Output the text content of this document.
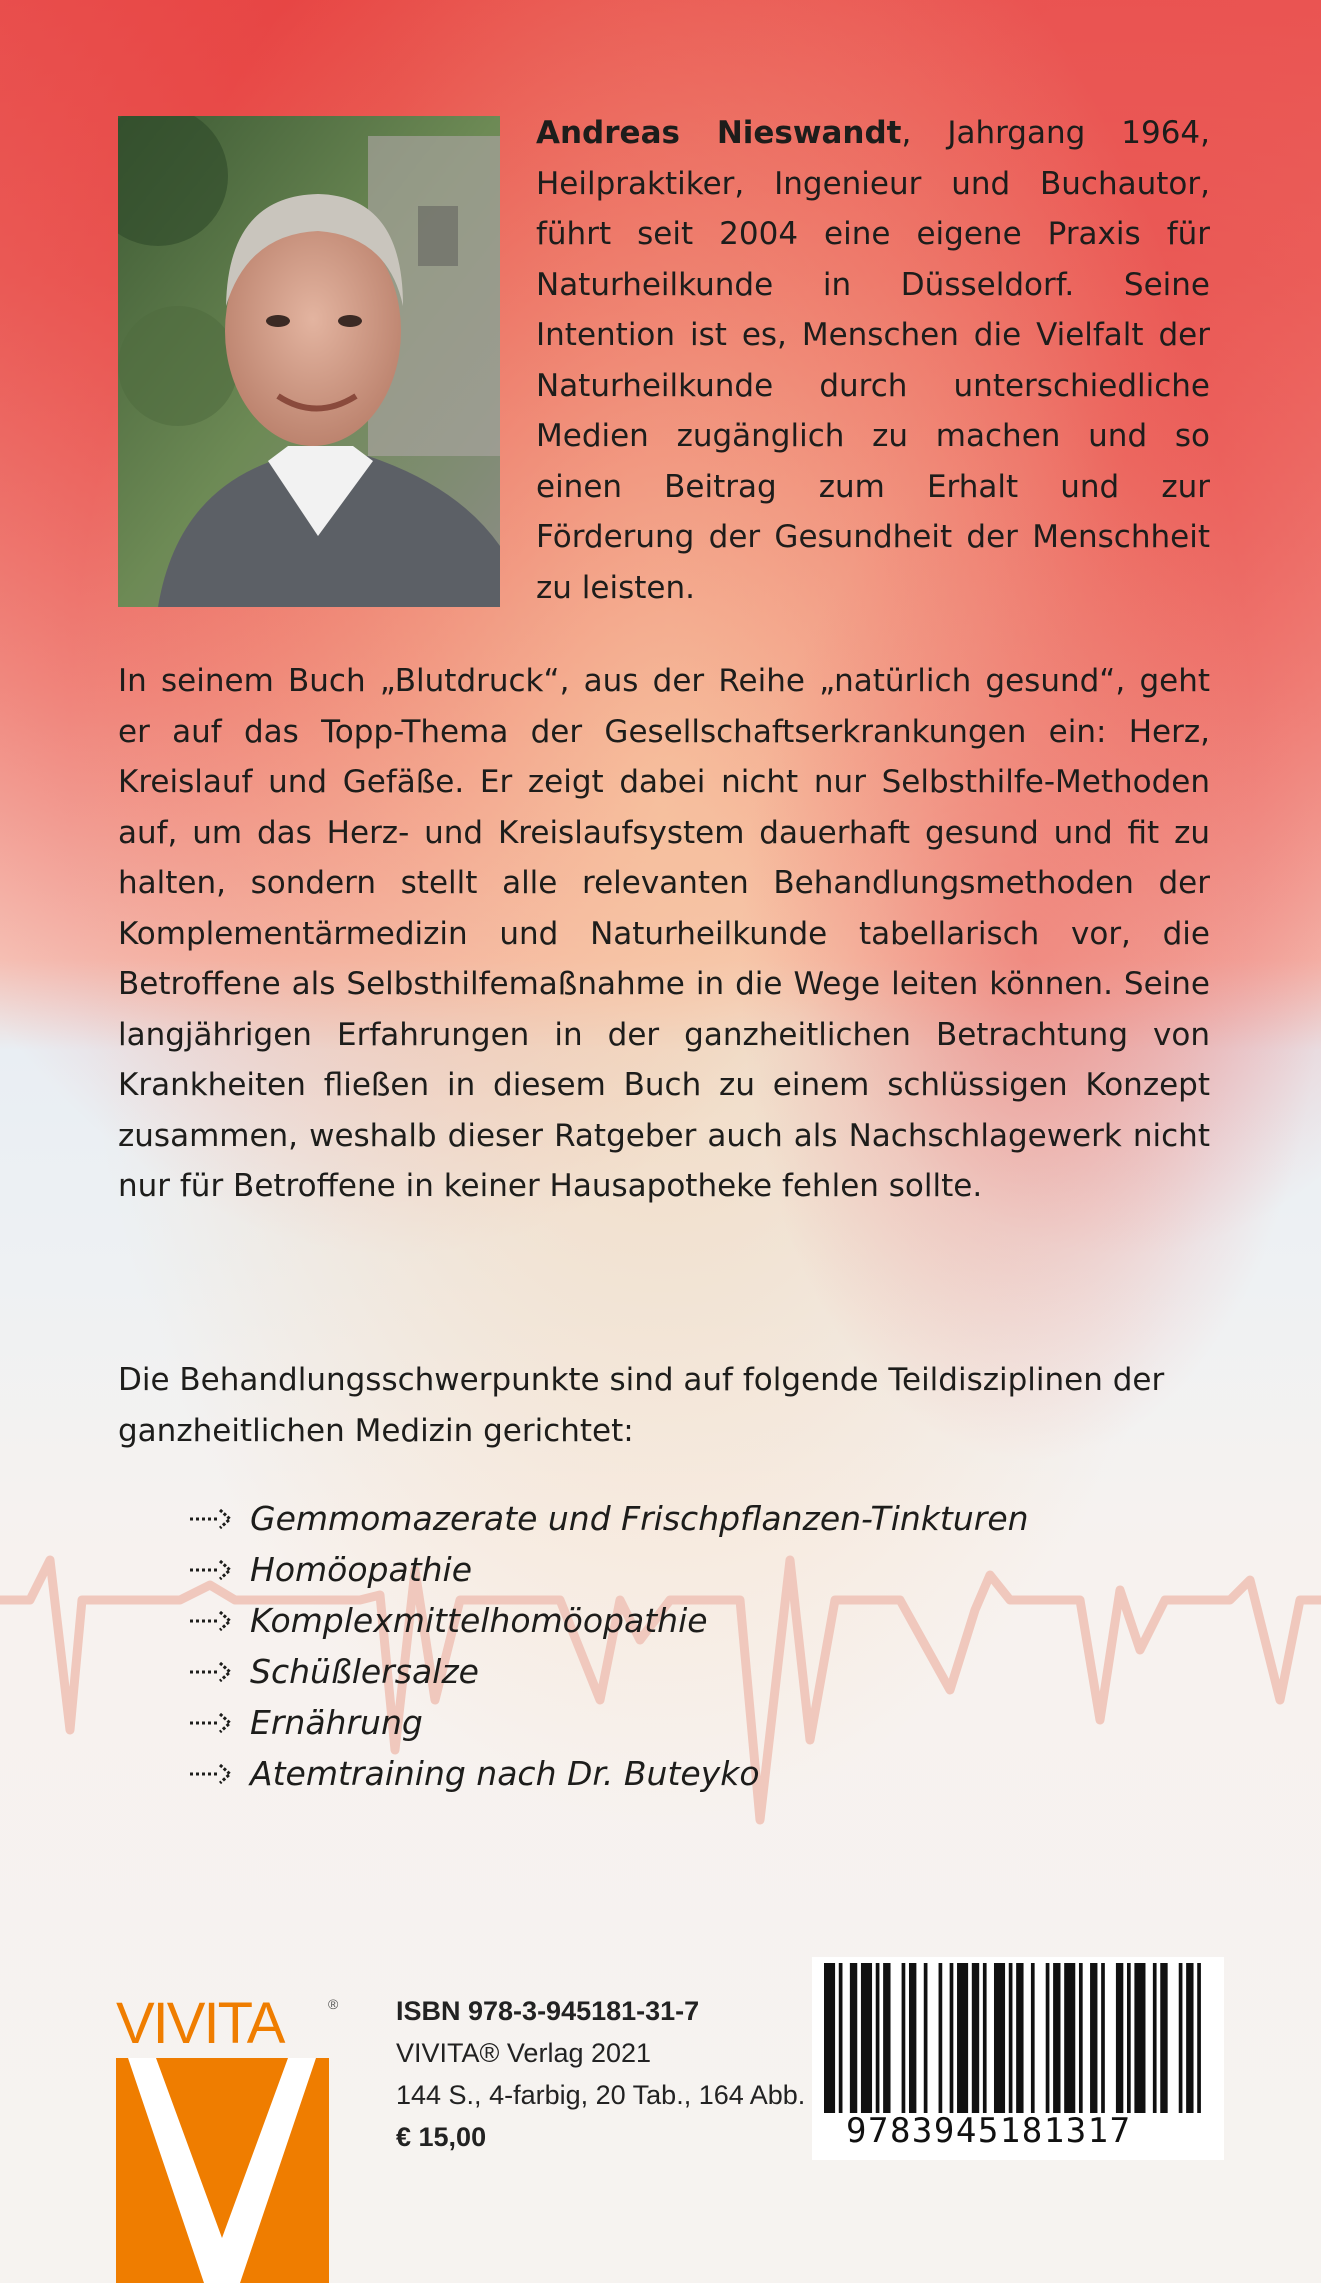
Andreas Nieswandt, Jahrgang 1964, Heilpraktiker, Ingenieur und Buchautor, führt seit 2004 eine eigene Praxis für Naturheilkunde in Düsseldorf. Seine Intention ist es, Menschen die Vielfalt der Naturheilkunde durch unterschiedliche Medien zugänglich zu machen und so einen Beitrag zum Erhalt und zur Förderung der Gesundheit der Menschheit zu leisten.

In seinem Buch „Blutdruck“, aus der Reihe „natürlich gesund“, geht er auf das Topp-Thema der Gesellschaftserkrankungen ein: Herz, Kreislauf und Gefäße. Er zeigt dabei nicht nur Selbsthilfe-Methoden auf, um das Herz- und Kreislaufsystem dauerhaft gesund und fit zu halten, sondern stellt alle relevanten Behandlungsmethoden der Komplementärmedizin und Naturheilkunde tabellarisch vor, die Betroffene als Selbsthilfemaßnahme in die Wege leiten können. Seine langjährigen Erfahrungen in der ganzheitlichen Betrachtung von Krankheiten fließen in diesem Buch zu einem schlüssigen Konzept zusammen, weshalb dieser Ratgeber auch als Nachschlagewerk nicht nur für Betroffene in keiner Hausapotheke fehlen sollte.

Die Behandlungsschwerpunkte sind auf folgende Teildisziplinen der ganzheitlichen Medizin gerichtet:

Gemmomazerate und Frischpflanzen-Tinkturen
Homöopathie
Komplexmittelhomöopathie
Schüßlersalze
Ernährung
Atemtraining nach Dr. Buteyko
VIVITA	® ISBN 978-3-945181-31-7
VIVITA® Verlag 2021
144 S., 4-farbig, 20 Tab., 164 Abb.
€ 15,00	9783945181317
